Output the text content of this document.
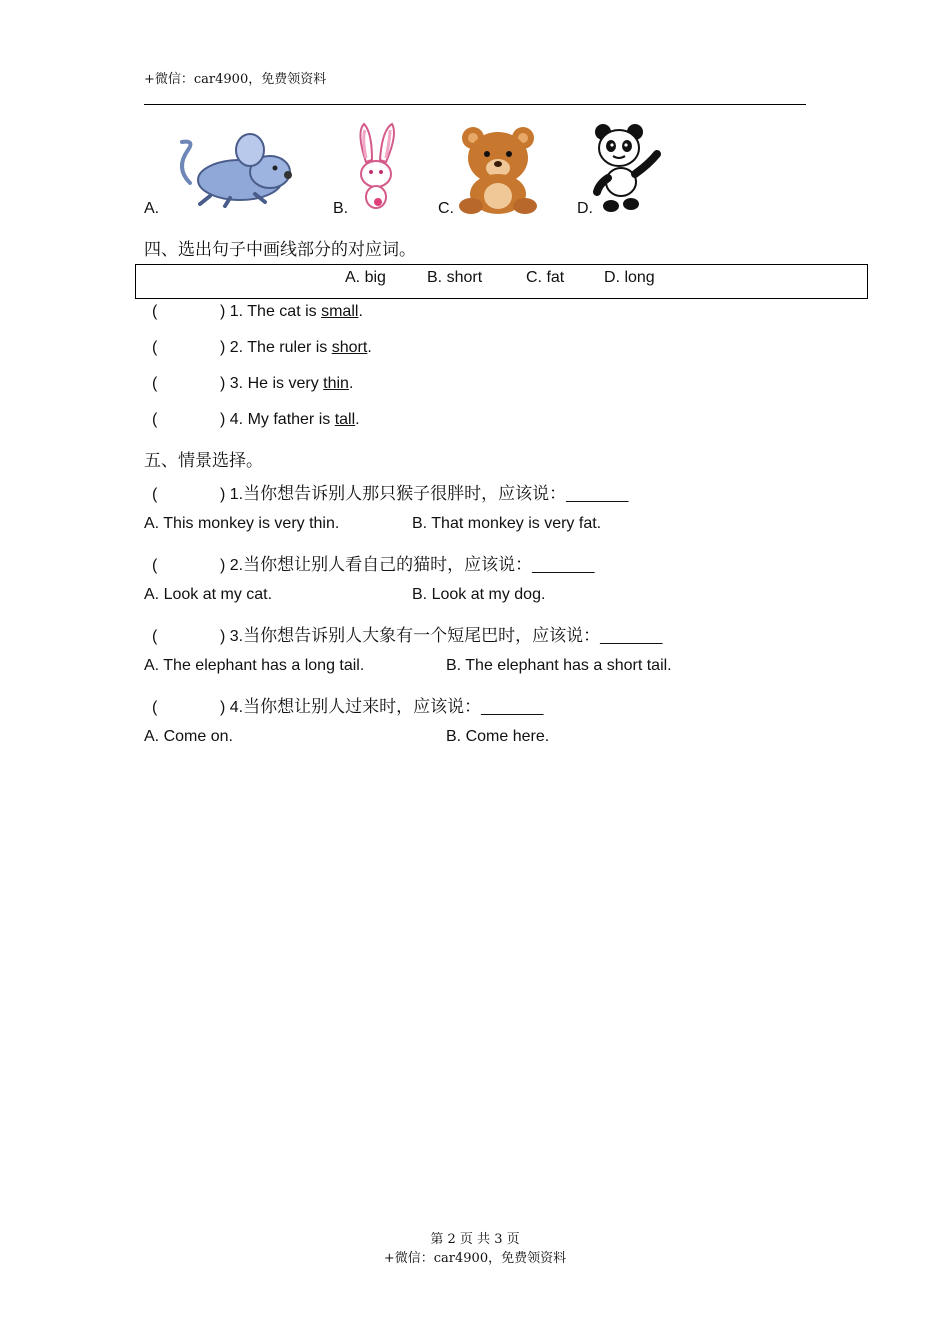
+微信：car4900，免费领资料
A.	B.	C.	D.
四、选出句子中画线部分的对应词。
A. big	B. short	C. fat D. long
(	) 1. The cat is small.
(	) 2. The ruler is short.
(	) 3. He is very thin.
(	) 4. My father is tall.
五、情景选择。
(	) 1.当你想告诉别人那只猴子很胖时，应该说：_______
A. This monkey is very thin.	B. That monkey is very fat.
(	) 2.当你想让别人看自己的猫时，应该说：_______
A. Look at my cat.	B. Look at my dog.
(	) 3.当你想告诉别人大象有一个短尾巴时，应该说：_______
A. The elephant has a long tail.	B. The elephant has a short tail.
(	) 4.当你想让别人过来时，应该说：_______
A. Come on.	B. Come here.
第 2 页 共 3 页
+微信：car4900，免费领资料
